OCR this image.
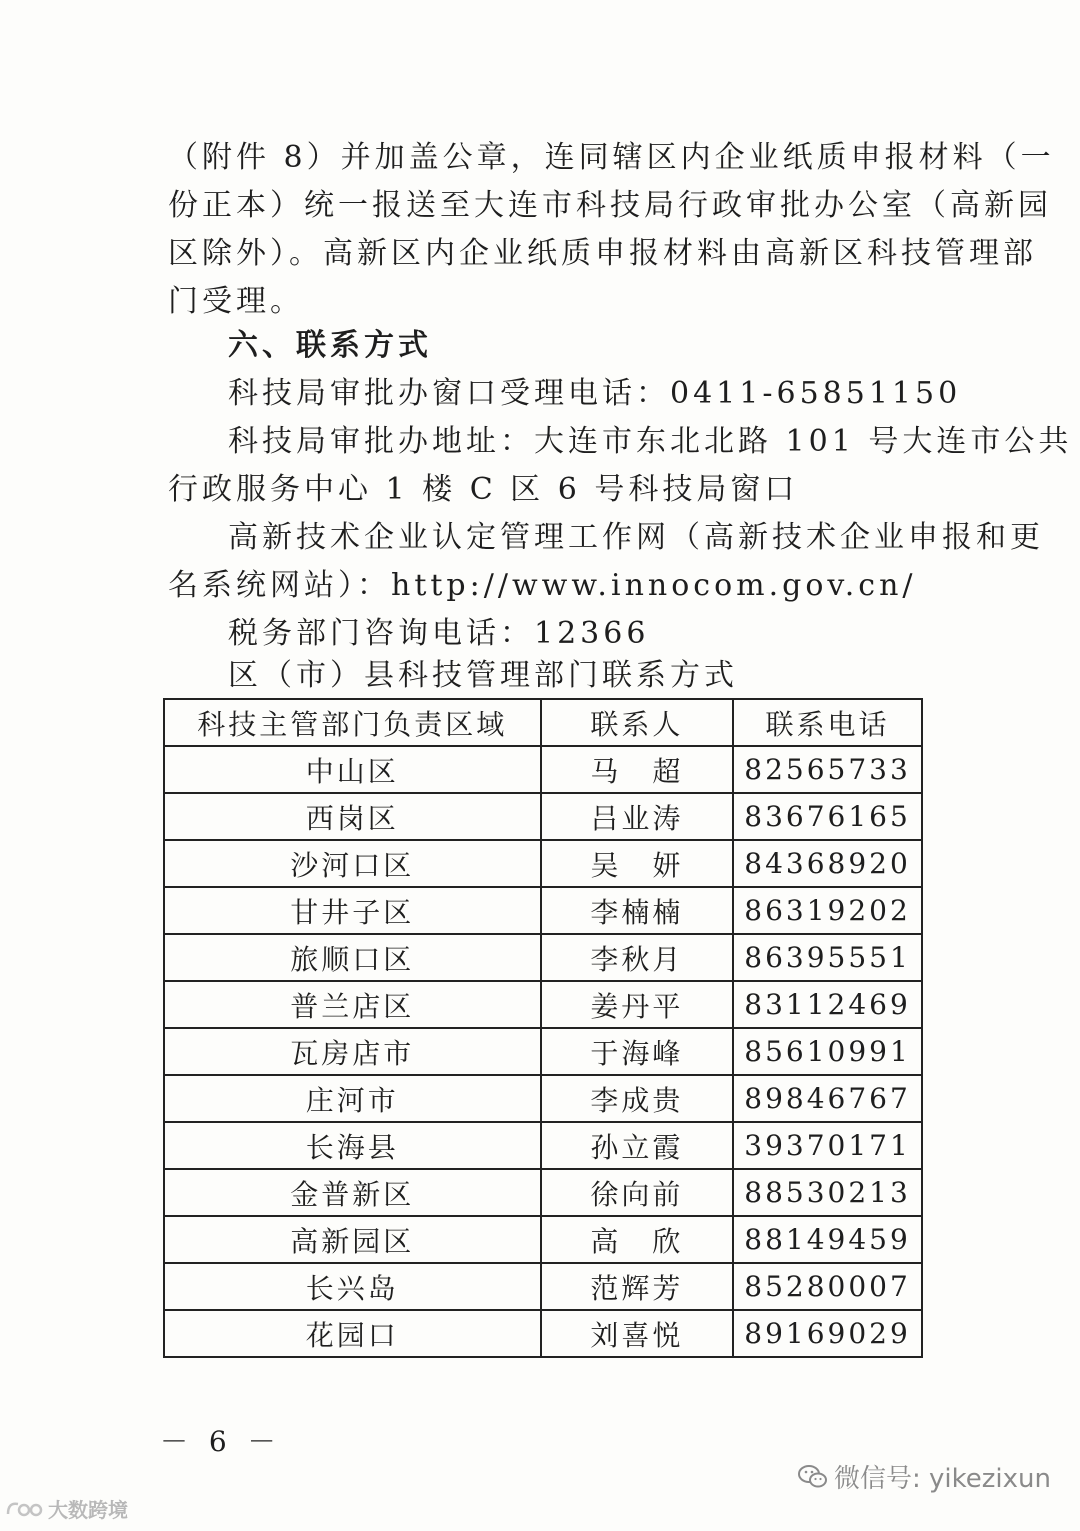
（附件 8）并加盖公章，连同辖区内企业纸质申报材料（一
份正本）统一报送至大连市科技局行政审批办公室（高新园
区除外）。高新区内企业纸质申报材料由高新区科技管理部
门受理。
六、联系方式
科技局审批办窗口受理电话：0411-65851150
科技局审批办地址：大连市东北北路 101 号大连市公共
行政服务中心 1 楼 C 区 6 号科技局窗口
高新技术企业认定管理工作网（高新技术企业申报和更
名系统网站）：http://www.innocom.gov.cn/
税务部门咨询电话：12366
区（市）县科技管理部门联系方式
科技主管部门负责区域	联系人	联系电话
中山区	马　超	82565733
西岗区	吕业涛	83676165
沙河口区	吴　妍	84368920
甘井子区	李楠楠	86319202
旅顺口区	李秋月	86395551
普兰店区	姜丹平	83112469
瓦房店市	于海峰	85610991
庄河市	李成贵	89846767
长海县	孙立霞	39370171
金普新区	徐向前	88530213
高新园区	高　欣	88149459
长兴岛	范辉芳	85280007
花园口	刘喜悦	89169029
－ 6 －
微信号: yikezixun
大数跨境
